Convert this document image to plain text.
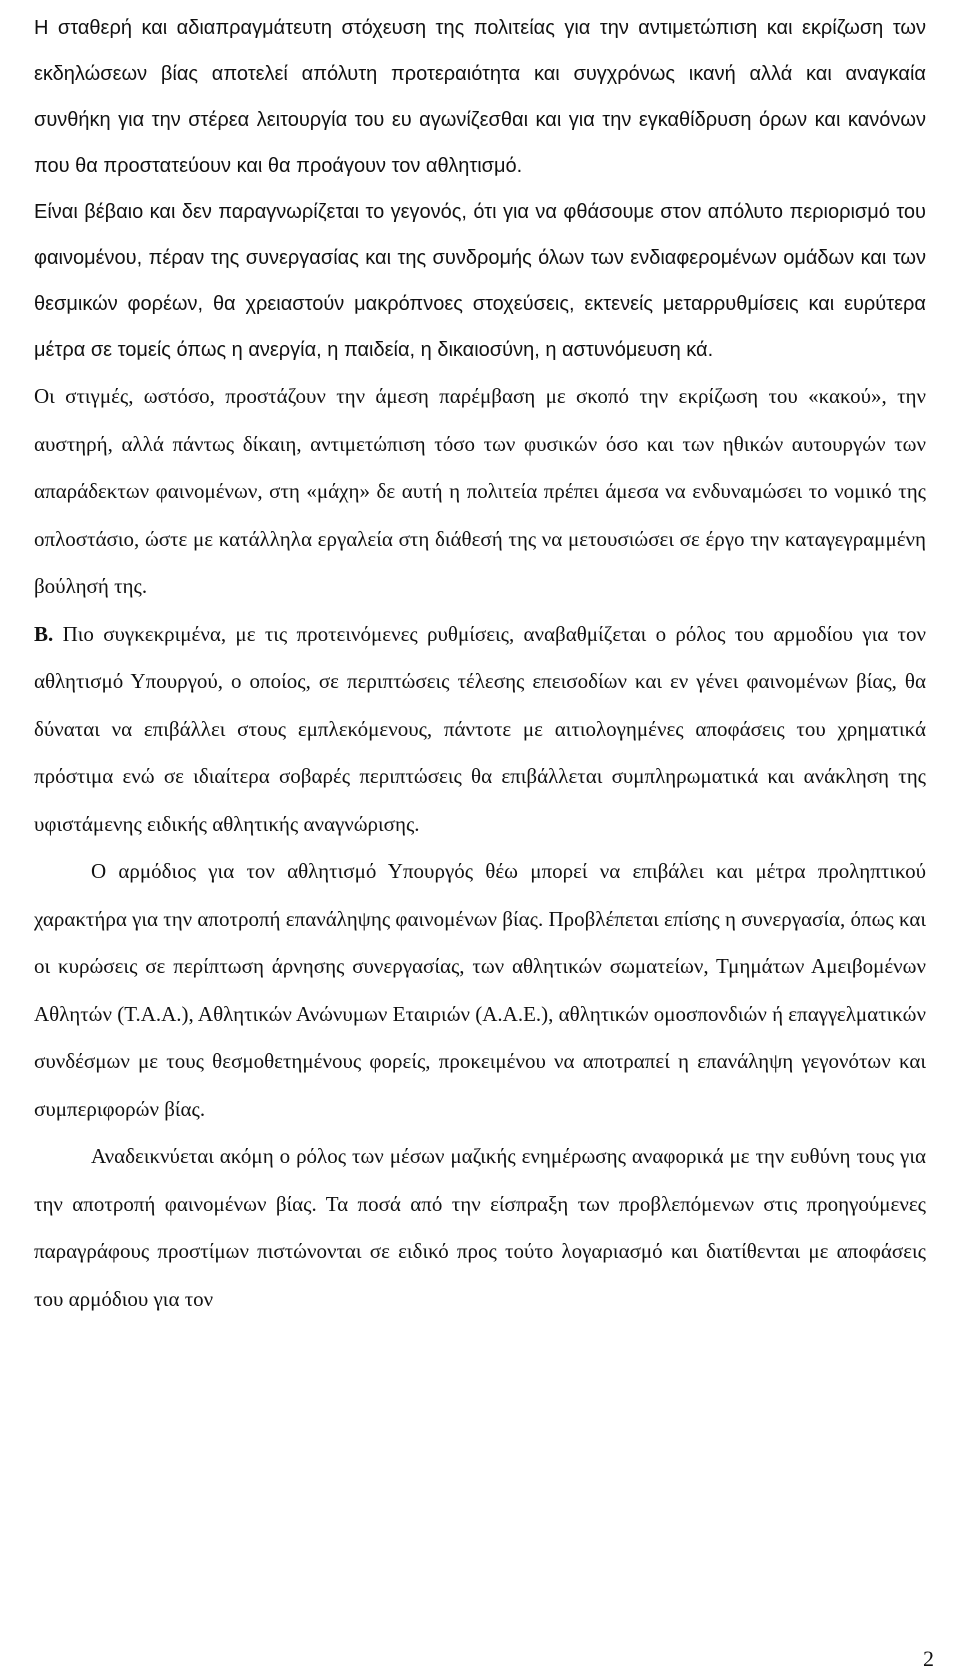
Η σταθερή και αδιαπραγμάτευτη στόχευση της πολιτείας για την αντιμετώπιση και εκρίζωση των εκδηλώσεων βίας αποτελεί απόλυτη προτεραιότητα και συγχρόνως ικανή αλλά και αναγκαία συνθήκη για την στέρεα λειτουργία του ευ αγωνίζεσθαι και για την εγκαθίδρυση όρων και κανόνων που θα προστατεύουν και θα προάγουν τον αθλητισμό.

Είναι βέβαιο και δεν παραγνωρίζεται το γεγονός, ότι για να φθάσουμε στον απόλυτο περιορισμό του φαινομένου, πέραν της συνεργασίας και της συνδρομής όλων των ενδιαφερομένων ομάδων και των θεσμικών φορέων, θα χρειαστούν μακρόπνοες στοχεύσεις, εκτενείς μεταρρυθμίσεις και ευρύτερα μέτρα σε τομείς όπως η ανεργία, η παιδεία, η δικαιοσύνη, η αστυνόμευση κά.

Οι στιγμές, ωστόσο, προστάζουν την άμεση παρέμβαση με σκοπό την εκρίζωση του «κακού», την αυστηρή, αλλά πάντως δίκαιη, αντιμετώπιση τόσο των φυσικών όσο και των ηθικών αυτουργών των απαράδεκτων φαινομένων, στη «μάχη» δε αυτή η πολιτεία πρέπει άμεσα να ενδυναμώσει το νομικό της οπλοστάσιο, ώστε με κατάλληλα εργαλεία στη διάθεσή της να μετουσιώσει σε έργο την καταγεγραμμένη βούλησή της.

Β. Πιο συγκεκριμένα, με τις προτεινόμενες ρυθμίσεις, αναβαθμίζεται ο ρόλος του αρμοδίου για τον αθλητισμό Υπουργού, ο οποίος, σε περιπτώσεις τέλεσης επεισοδίων και εν γένει φαινομένων βίας, θα δύναται να επιβάλλει στους εμπλεκόμενους, πάντοτε με αιτιολογημένες αποφάσεις του χρηματικά πρόστιμα ενώ σε ιδιαίτερα σοβαρές περιπτώσεις θα επιβάλλεται συμπληρωματικά και ανάκληση της υφιστάμενης ειδικής αθλητικής αναγνώρισης.

Ο αρμόδιος για τον αθλητισμό Υπουργός θέω μπορεί να επιβάλει και μέτρα προληπτικού χαρακτήρα για την αποτροπή επανάληψης φαινομένων βίας. Προβλέπεται επίσης η συνεργασία, όπως και οι κυρώσεις σε περίπτωση άρνησης συνεργασίας, των αθλητικών σωματείων, Τμημάτων Αμειβομένων Αθλητών (Τ.Α.Α.), Αθλητικών Ανώνυμων Εταιριών (Α.Α.Ε.), αθλητικών ομοσπονδιών ή επαγγελματικών συνδέσμων με τους θεσμοθετημένους φορείς, προκειμένου να αποτραπεί η επανάληψη γεγονότων και συμπεριφορών βίας.

Αναδεικνύεται ακόμη ο ρόλος των μέσων μαζικής ενημέρωσης αναφορικά με την ευθύνη τους για την αποτροπή φαινομένων βίας. Τα ποσά από την είσπραξη των προβλεπόμενων στις προηγούμενες παραγράφους προστίμων πιστώνονται σε ειδικό προς τούτο λογαριασμό και διατίθενται με αποφάσεις του αρμόδιου για τον

2
